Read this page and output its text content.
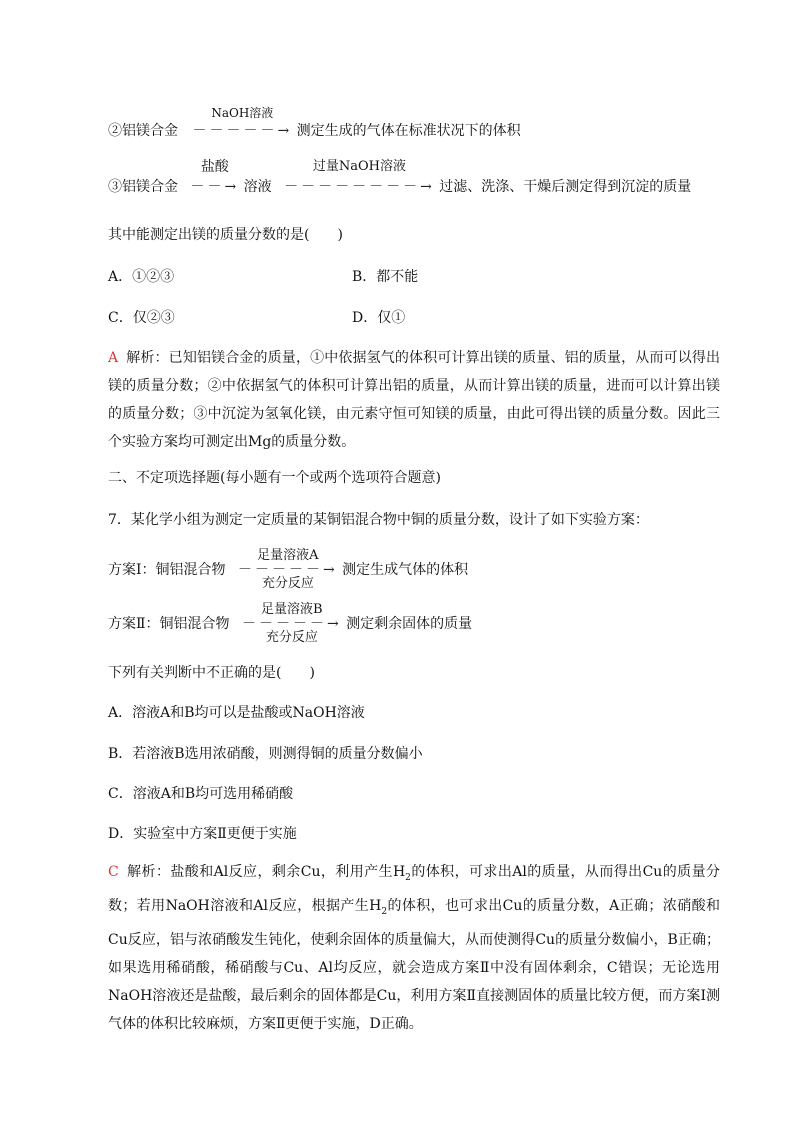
②铝镁合金
NaOH溶液
－－－－－→ 测定生成的气体在标准状况下的体积
③铝镁合金
盐酸
－－→ 溶液
过量NaOH溶液
－－－－－－－－→ 过滤、洗涤、干燥后测定得到沉淀的质量
其中能测定出镁的质量分数的是(　　)
A．①②③	B．都不能
C．仅②③	D．仅①
A 解析：已知铝镁合金的质量，①中依据氢气的体积可计算出镁的质量、铝的质量，从而可以得出镁的质量分数；②中依据氢气的体积可计算出铝的质量，从而计算出镁的质量，进而可以计算出镁的质量分数；③中沉淀为氢氧化镁，由元素守恒可知镁的质量，由此可得出镁的质量分数。因此三个实验方案均可测定出Mg的质量分数。
二、不定项选择题(每小题有一个或两个选项符合题意)
7．某化学小组为测定一定质量的某铜铝混合物中铜的质量分数，设计了如下实验方案：
方案Ⅰ：铜铝混合物
足量溶液A
－－－－－→
充分反应
测定生成气体的体积
方案Ⅱ：铜铝混合物
足量溶液B
－－－－－→
充分反应
测定剩余固体的质量
下列有关判断中不正确的是(　　)
A．溶液A和B均可以是盐酸或NaOH溶液
B．若溶液B选用浓硝酸，则测得铜的质量分数偏小
C．溶液A和B均可选用稀硝酸
D．实验室中方案Ⅱ更便于实施
C 解析：盐酸和Al反应，剩余Cu，利用产生$H_2$的体积，可求出Al的质量，从而得出Cu的质量分数；若用NaOH溶液和Al反应，根据产生$H_2$的体积，也可求出Cu的质量分数，A正确；浓硝酸和Cu反应，铝与浓硝酸发生钝化，使剩余固体的质量偏大，从而使测得Cu的质量分数偏小，B正确；如果选用稀硝酸，稀硝酸与Cu、Al均反应，就会造成方案Ⅱ中没有固体剩余，C错误；无论选用NaOH溶液还是盐酸，最后剩余的固体都是Cu，利用方案Ⅱ直接测固体的质量比较方便，而方案Ⅰ测气体的体积比较麻烦，方案Ⅱ更便于实施，D正确。
